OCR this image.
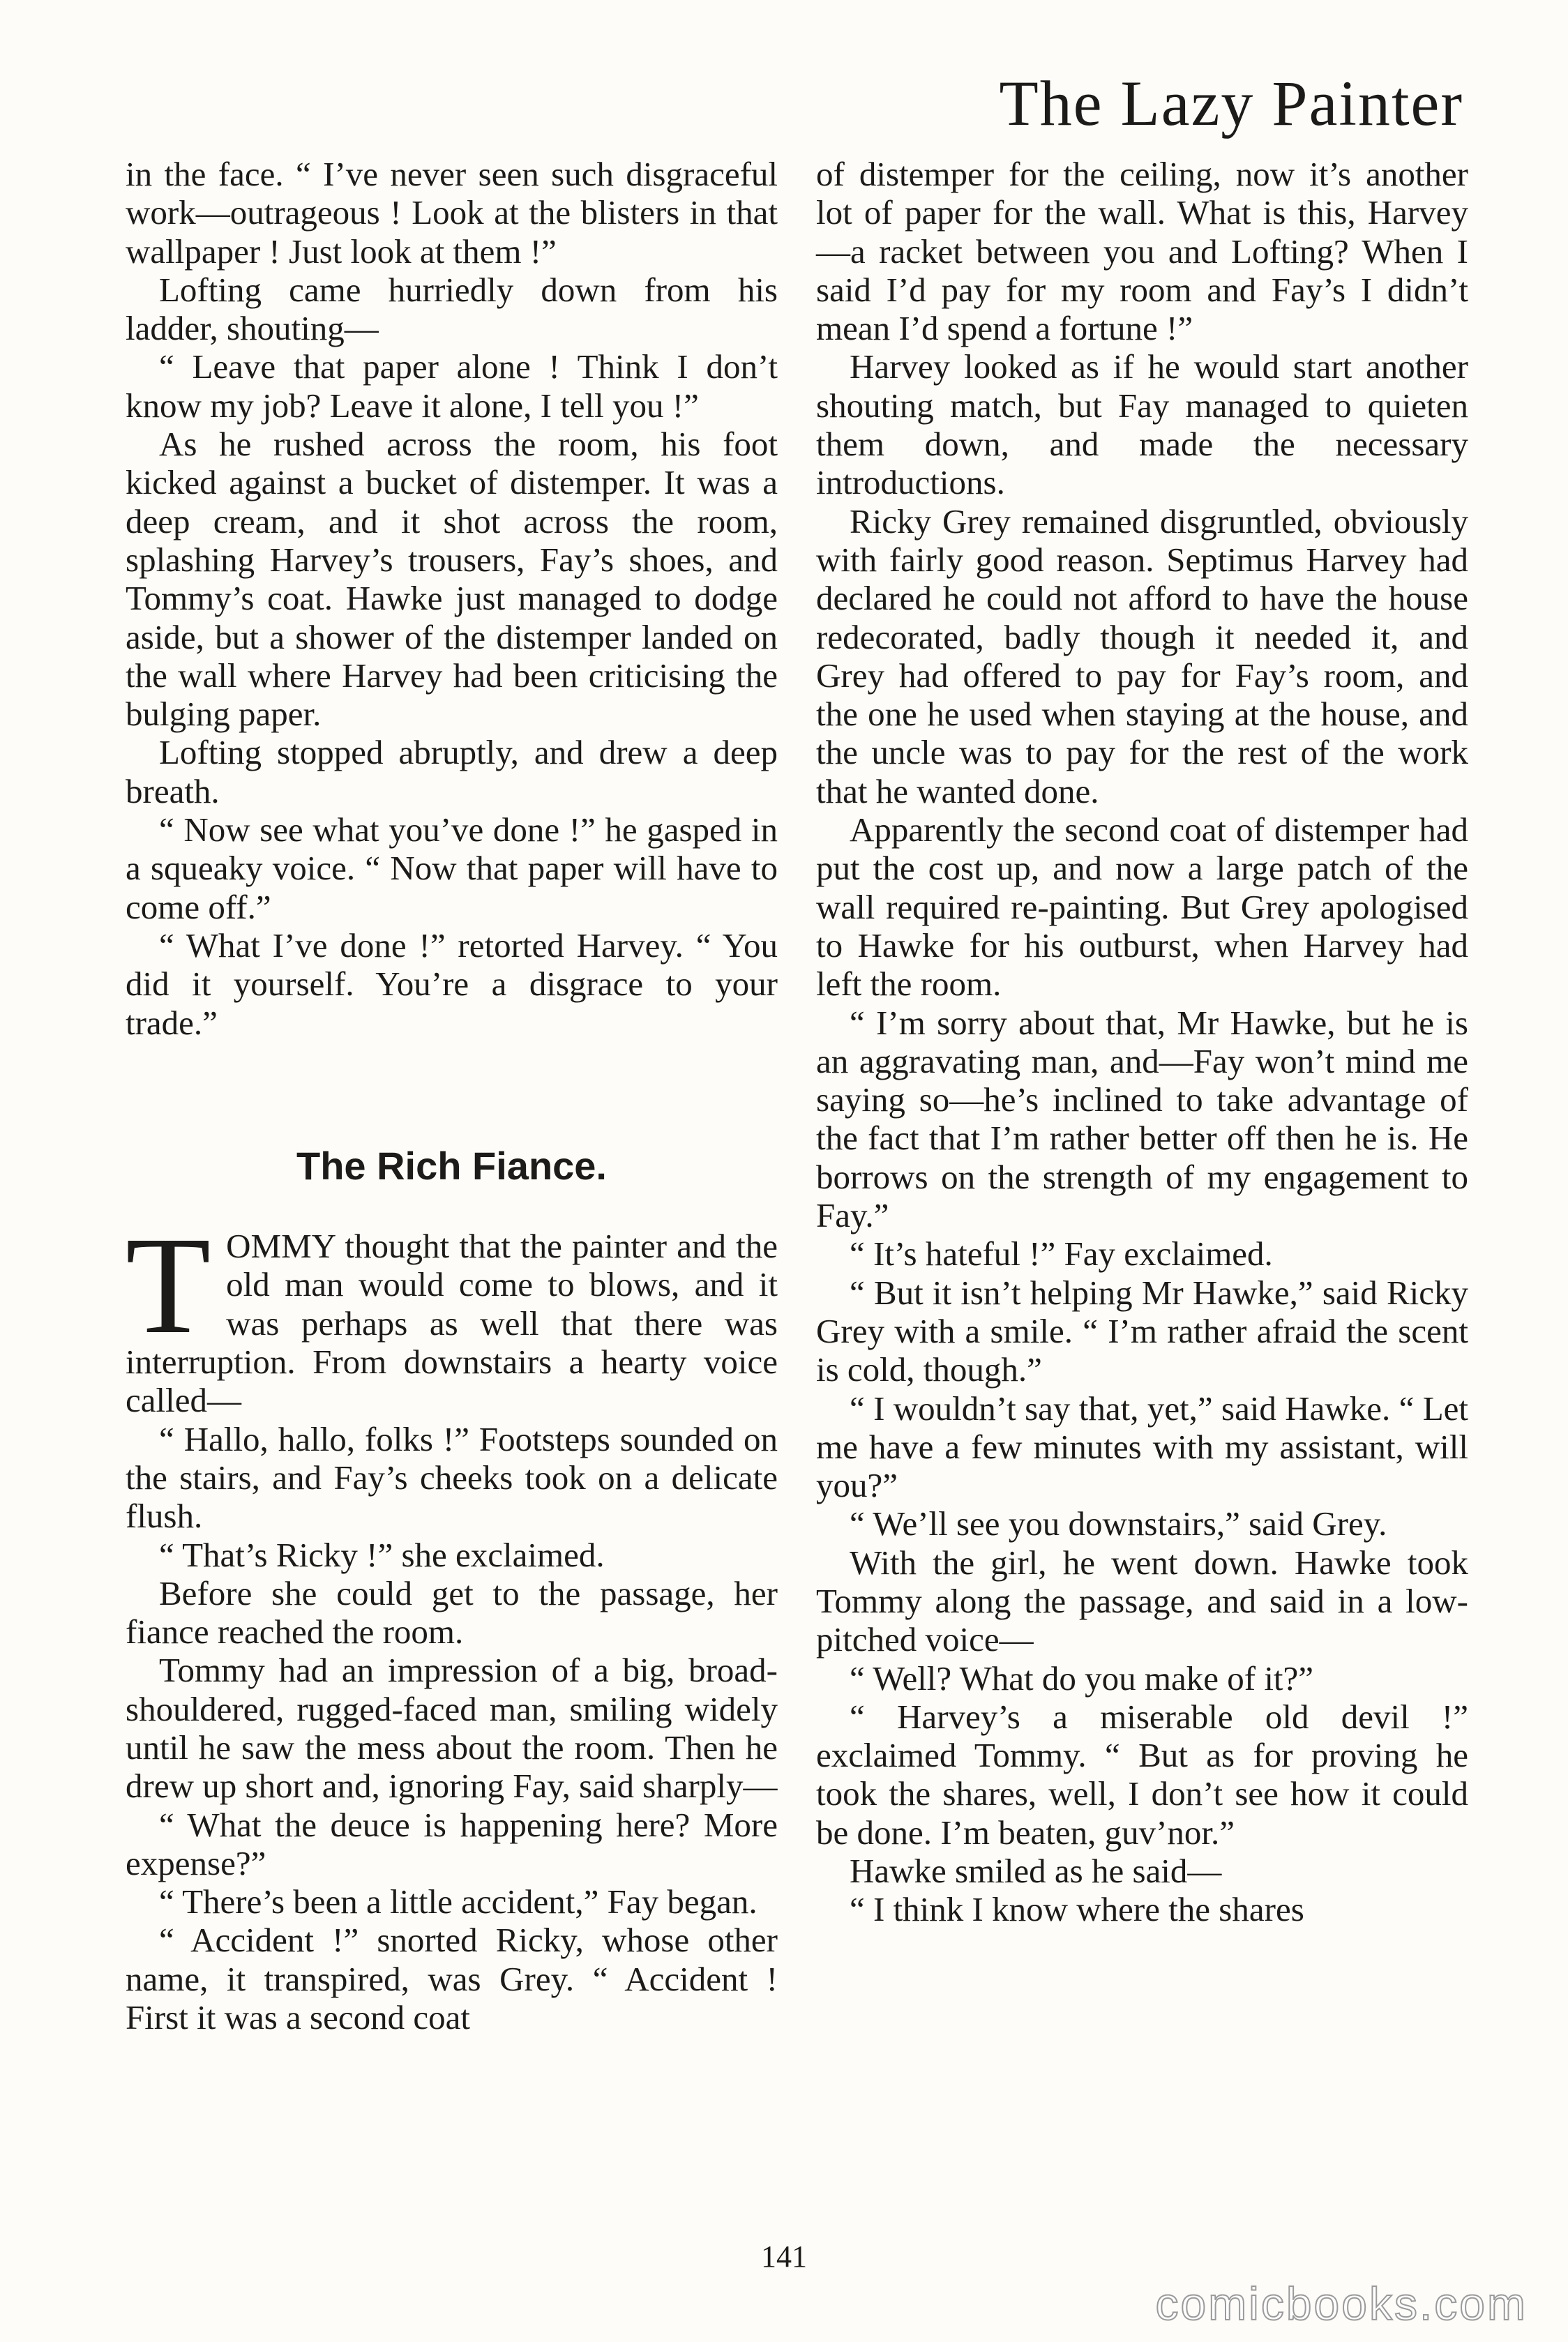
The Lazy Painter

in the face. “ I’ve never seen such disgraceful work—outrageous ! Look at the blisters in that wallpaper ! Just look at them !”

Lofting came hurriedly down from his ladder, shouting—

“ Leave that paper alone ! Think I don’t know my job? Leave it alone, I tell you !”

As he rushed across the room, his foot kicked against a bucket of distemper. It was a deep cream, and it shot across the room, splashing Harvey’s trousers, Fay’s shoes, and Tommy’s coat. Hawke just managed to dodge aside, but a shower of the distemper landed on the wall where Harvey had been criticising the bulging paper.

Lofting stopped abruptly, and drew a deep breath.

“ Now see what you’ve done !” he gasped in a squeaky voice. “ Now that paper will have to come off.”

“ What I’ve done !” retorted Harvey. “ You did it yourself. You’re a disgrace to your trade.”

The Rich Fiance.

TOMMY thought that the painter and the old man would come to blows, and it was perhaps as well that there was interruption. From downstairs a hearty voice called—

“ Hallo, hallo, folks !” Footsteps sounded on the stairs, and Fay’s cheeks took on a delicate flush.

“ That’s Ricky !” she exclaimed.

Before she could get to the passage, her fiance reached the room.

Tommy had an impression of a big, broad-shouldered, rugged-faced man, smiling widely until he saw the mess about the room. Then he drew up short and, ignoring Fay, said sharply—

“ What the deuce is happening here? More expense?”

“ There’s been a little accident,” Fay began.

“ Accident !” snorted Ricky, whose other name, it transpired, was Grey. “ Accident ! First it was a second coat

of distemper for the ceiling, now it’s another lot of paper for the wall. What is this, Harvey—a racket between you and Lofting? When I said I’d pay for my room and Fay’s I didn’t mean I’d spend a fortune !”

Harvey looked as if he would start another shouting match, but Fay managed to quieten them down, and made the necessary introductions.

Ricky Grey remained disgruntled, obviously with fairly good reason. Septimus Harvey had declared he could not afford to have the house redecorated, badly though it needed it, and Grey had offered to pay for Fay’s room, and the one he used when staying at the house, and the uncle was to pay for the rest of the work that he wanted done.

Apparently the second coat of distemper had put the cost up, and now a large patch of the wall required re-painting. But Grey apologised to Hawke for his outburst, when Harvey had left the room.

“ I’m sorry about that, Mr Hawke, but he is an aggravating man, and—Fay won’t mind me saying so—he’s inclined to take advantage of the fact that I’m rather better off then he is. He borrows on the strength of my engagement to Fay.”

“ It’s hateful !” Fay exclaimed.

“ But it isn’t helping Mr Hawke,” said Ricky Grey with a smile. “ I’m rather afraid the scent is cold, though.”

“ I wouldn’t say that, yet,” said Hawke. “ Let me have a few minutes with my assistant, will you?”

“ We’ll see you downstairs,” said Grey.

With the girl, he went down. Hawke took Tommy along the passage, and said in a low-pitched voice—

“ Well? What do you make of it?”

“ Harvey’s a miserable old devil !” exclaimed Tommy. “ But as for proving he took the shares, well, I don’t see how it could be done. I’m beaten, guv’nor.”

Hawke smiled as he said—

“ I think I know where the shares

141
comicbooks.com
